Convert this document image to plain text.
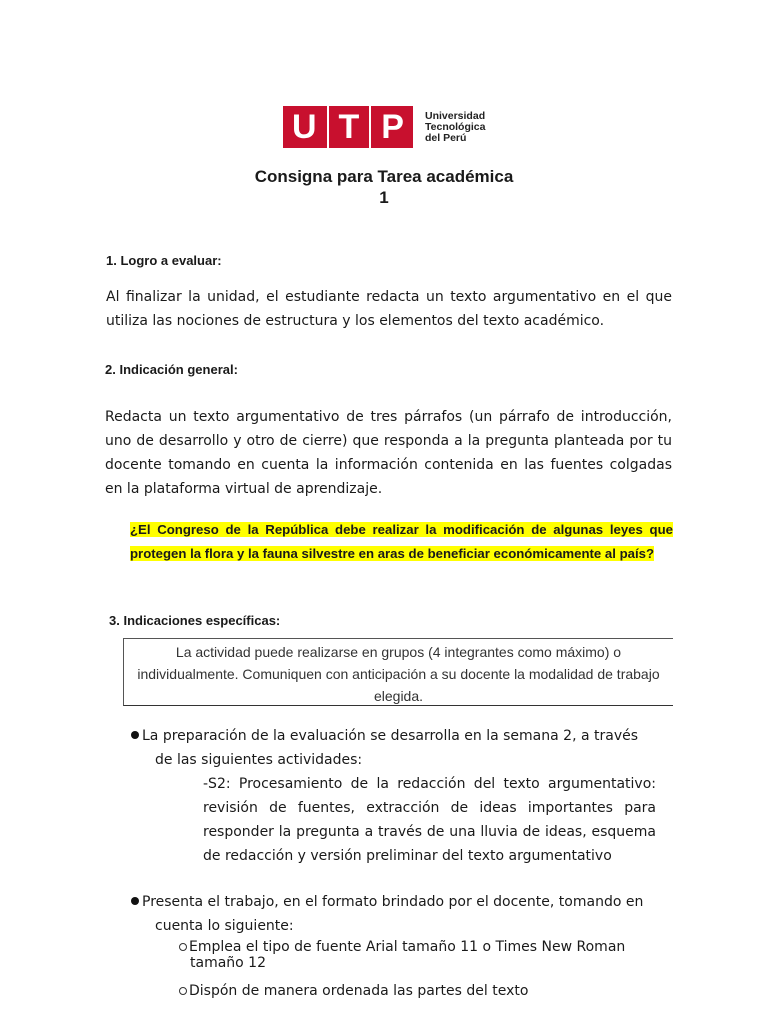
U T P Universidad
Tecnológica
del Perú
Consigna para Tarea académica
1
1. Logro a evaluar:
Al finalizar la unidad, el estudiante redacta un texto argumentativo en el que utiliza las nociones de estructura y los elementos del texto académico.
2. Indicación general:
Redacta un texto argumentativo de tres párrafos (un párrafo de introducción, uno de desarrollo y otro de cierre) que responda a la pregunta planteada por tu docente tomando en cuenta la información contenida en las fuentes colgadas en la plataforma virtual de aprendizaje.
¿El Congreso de la República debe realizar la modificación de algunas leyes que protegen la flora y la fauna silvestre en aras de beneficiar económicamente al país?
3. Indicaciones específicas:
La actividad puede realizarse en grupos (4 integrantes como máximo) o
individualmente. Comuniquen con anticipación a su docente la modalidad de trabajo
elegida.
La preparación de la evaluación se desarrolla en la semana 2, a través
de las siguientes actividades:
-S2: Procesamiento de la redacción del texto argumentativo: revisión de fuentes, extracción de ideas importantes para responder la pregunta a través de una lluvia de ideas, esquema de redacción y versión preliminar del texto argumentativo
Presenta el trabajo, en el formato brindado por el docente, tomando en
cuenta lo siguiente:
Emplea el tipo de fuente Arial tamaño 11 o Times New Roman
tamaño 12
Dispón de manera ordenada las partes del texto
